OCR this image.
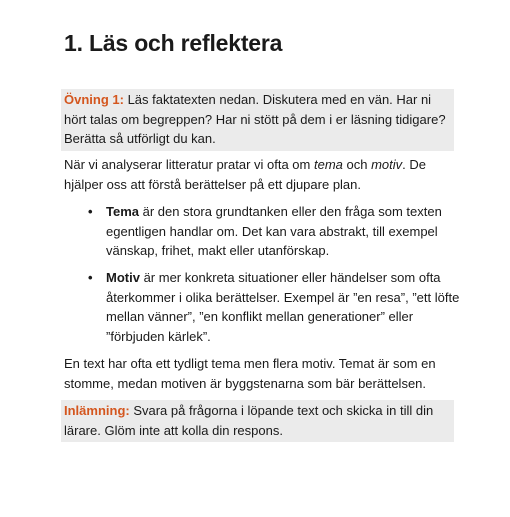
1. Läs och reflektera
Övning 1: Läs faktatexten nedan. Diskutera med en vän. Har ni hört talas om begreppen? Har ni stött på dem i er läsning tidigare? Berätta så utförligt du kan.

När vi analyserar litteratur pratar vi ofta om tema och motiv. De hjälper oss att förstå berättelser på ett djupare plan.

• Tema är den stora grundtanken eller den fråga som texten egentligen handlar om. Det kan vara abstrakt, till exempel vänskap, frihet, makt eller utanförskap.
• Motiv är mer konkreta situationer eller händelser som ofta återkommer i olika berättelser. Exempel är ”en resa”, ”ett löfte mellan vänner”, ”en konflikt mellan generationer” eller ”förbjuden kärlek”.

En text har ofta ett tydligt tema men flera motiv. Temat är som en stomme, medan motiven är byggstenarna som bär berättelsen.

Inlämning: Svara på frågorna i löpande text och skicka in till din lärare. Glöm inte att kolla din respons.
